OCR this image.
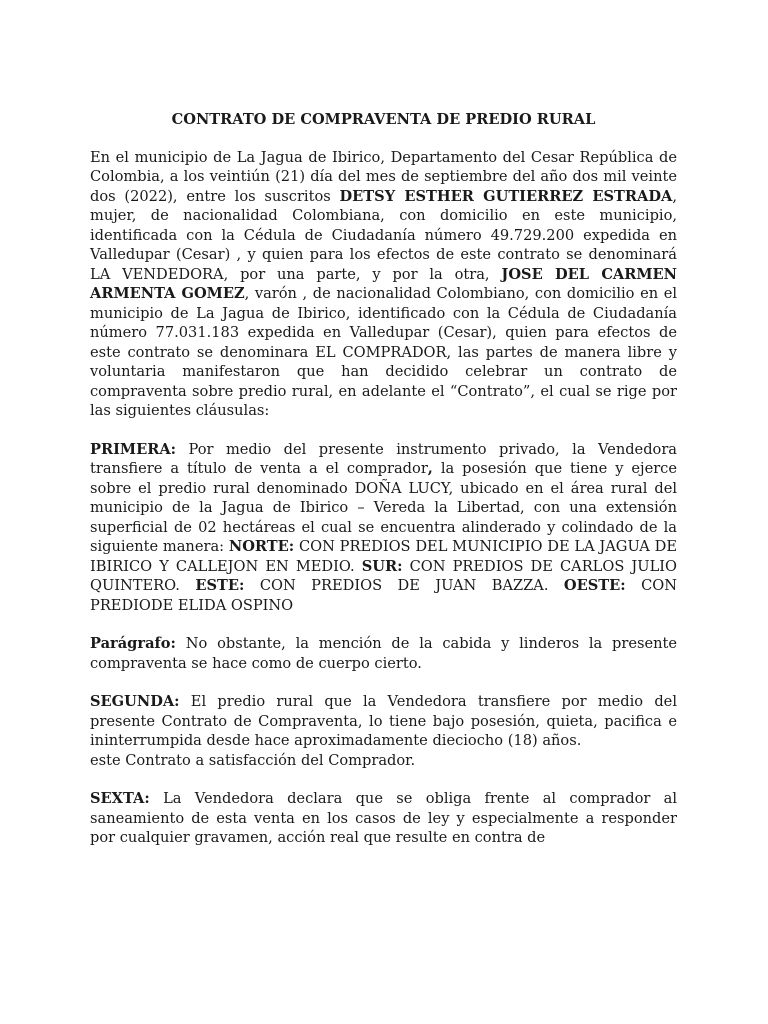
CONTRATO DE COMPRAVENTA DE PREDIO RURAL

En el municipio de La Jagua de Ibirico, Departamento del Cesar República de Colombia, a los veintiún (21) día del mes de septiembre del año dos mil veinte dos (2022), entre los suscritos DETSY ESTHER GUTIERREZ ESTRADA, mujer, de nacionalidad Colombiana, con domicilio en este municipio, identificada con la Cédula de Ciudadanía número 49.729.200 expedida en Valledupar (Cesar) , y quien para los efectos de este contrato se denominará LA VENDEDORA, por una parte, y por la otra, JOSE DEL CARMEN ARMENTA GOMEZ, varón , de nacionalidad Colombiano, con domicilio en el municipio de La Jagua de Ibirico, identificado con la Cédula de Ciudadanía número 77.031.183 expedida en Valledupar (Cesar), quien para efectos de este contrato se denominara EL COMPRADOR, las partes de manera libre y voluntaria manifestaron que han decidido celebrar un contrato de compraventa sobre predio rural, en adelante el “Contrato”, el cual se rige por las siguientes cláusulas:

PRIMERA: Por medio del presente instrumento privado, la Vendedora transfiere a título de venta a el comprador, la posesión que tiene y ejerce sobre el predio rural denominado DOÑA LUCY, ubicado en el área rural del municipio de la Jagua de Ibirico – Vereda la Libertad, con una extensión superficial de 02 hectáreas el cual se encuentra alinderado y colindado de la siguiente manera: NORTE: CON PREDIOS DEL MUNICIPIO DE LA JAGUA DE IBIRICO Y CALLEJON EN MEDIO. SUR: CON PREDIOS DE CARLOS JULIO QUINTERO. ESTE: CON PREDIOS DE JUAN BAZZA. OESTE: CON PREDIODE ELIDA OSPINO

Parágrafo: No obstante, la mención de la cabida y linderos la presente compraventa se hace como de cuerpo cierto.

SEGUNDA: El predio rural que la Vendedora transfiere por medio del presente Contrato de Compraventa, lo tiene bajo posesión, quieta, pacifica e ininterrumpida desde hace aproximadamente dieciocho (18) años.

este Contrato a satisfacción del Comprador.

SEXTA: La Vendedora declara que se obliga frente al comprador al saneamiento de esta venta en los casos de ley y especialmente a responder por cualquier gravamen, acción real que resulte en contra de
